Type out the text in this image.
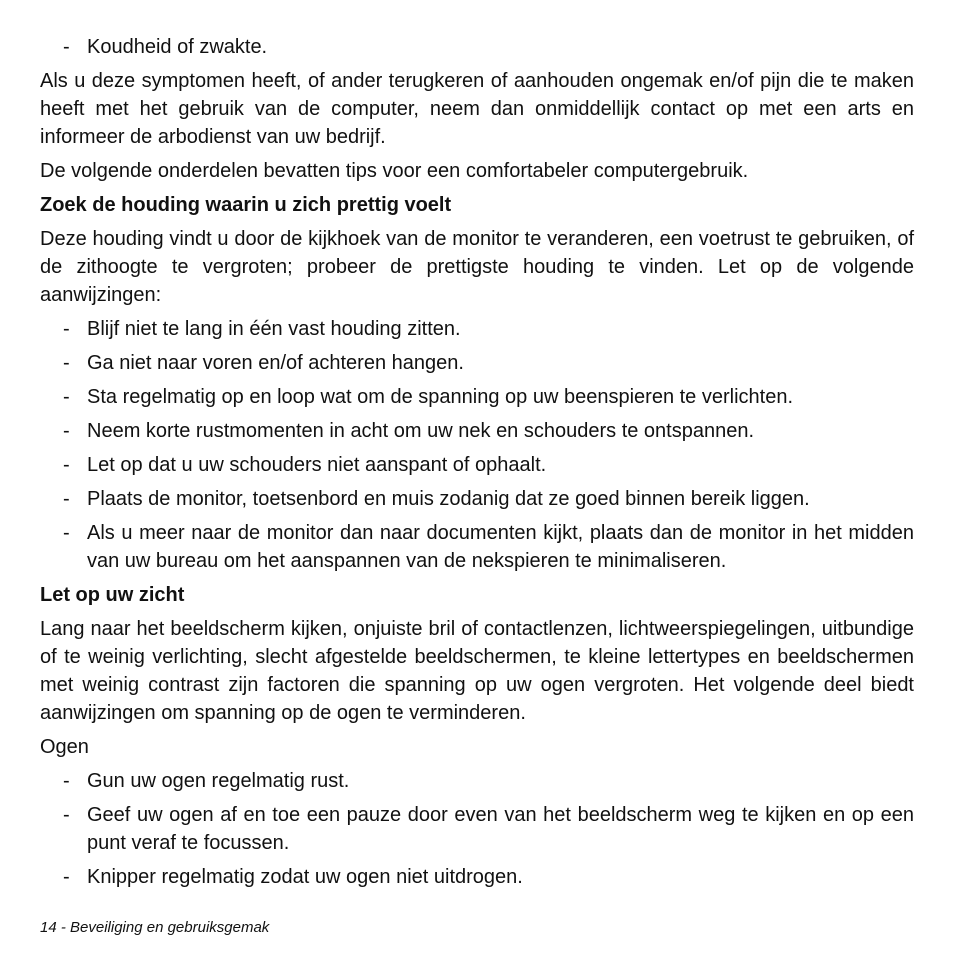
- Koudheid of zwakte.

Als u deze symptomen heeft, of ander terugkeren of aanhouden ongemak en/of pijn die te maken heeft met het gebruik van de computer, neem dan onmiddellijk contact op met een arts en informeer de arbodienst van uw bedrijf.

De volgende onderdelen bevatten tips voor een comfortabeler computergebruik.

Zoek de houding waarin u zich prettig voelt

Deze houding vindt u door de kijkhoek van de monitor te veranderen, een voetrust te gebruiken, of de zithoogte te vergroten; probeer de prettigste houding te vinden. Let op de volgende aanwijzingen:

- Blijf niet te lang in één vast houding zitten.
- Ga niet naar voren en/of achteren hangen.
- Sta regelmatig op en loop wat om de spanning op uw beenspieren te verlichten.
- Neem korte rustmomenten in acht om uw nek en schouders te ontspannen.
- Let op dat u uw schouders niet aanspant of ophaalt.
- Plaats de monitor, toetsenbord en muis zodanig dat ze goed binnen bereik liggen.
- Als u meer naar de monitor dan naar documenten kijkt, plaats dan de monitor in het midden van uw bureau om het aanspannen van de nekspieren te minimaliseren.
Let op uw zicht

Lang naar het beeldscherm kijken, onjuiste bril of contactlenzen, lichtweerspiegelingen, uitbundige of te weinig verlichting, slecht afgestelde beeldschermen, te kleine lettertypes en beeldschermen met weinig contrast zijn factoren die spanning op uw ogen vergroten. Het volgende deel biedt aanwijzingen om spanning op de ogen te verminderen.

Ogen

- Gun uw ogen regelmatig rust.
- Geef uw ogen af en toe een pauze door even van het beeldscherm weg te kijken en op een punt veraf te focussen.
- Knipper regelmatig zodat uw ogen niet uitdrogen.
14 - Beveiliging en gebruiksgemak
